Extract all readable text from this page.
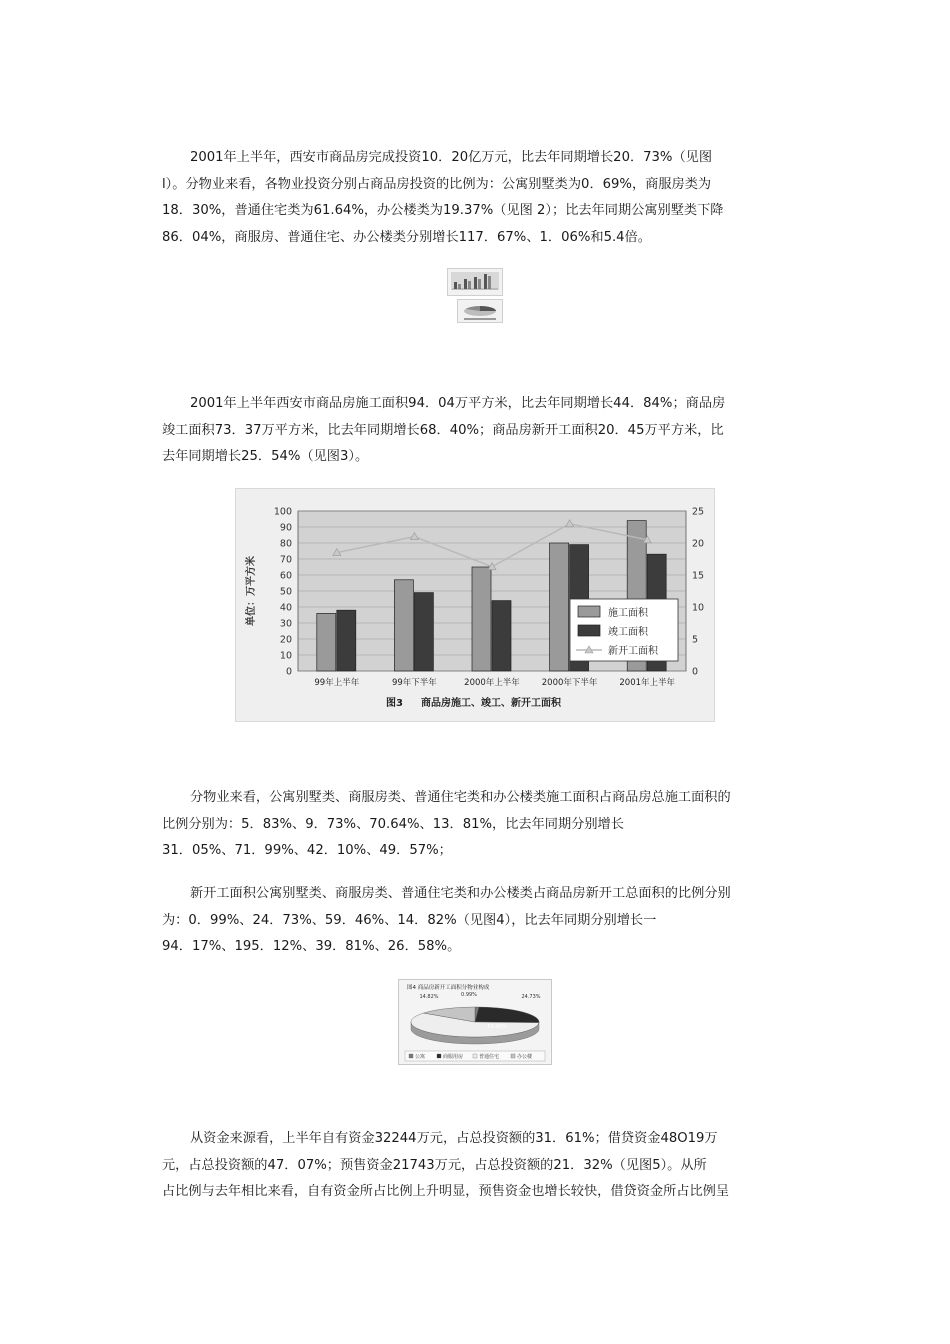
2001年上半年，西安市商品房完成投资10．20亿万元，比去年同期增长20．73%（见图
l）。分物业来看，各物业投资分别占商品房投资的比例为：公寓别墅类为0．69%，商服房类为
18．30%，普通住宅类为61.64%，办公楼类为19.37%（见图 2）；比去年同期公寓别墅类下降
86．04%，商服房、普通住宅、办公楼类分别增长117．67%、1．06%和5.4倍。

2001年上半年西安市商品房施工面积94．04万平方米，比去年同期增长44．84%；商品房
竣工面积73．37万平方米，比去年同期增长68．40%；商品房新开工面积20．45万平方米，比
去年同期增长25．54%（见图3）。

0
10
20
30
40
50
60
70
80
90
100
0
5
10
15
20
25
99年上半年	99年下半年	2000年上半年	2000年下半年	2001年上半年
单位：万平方米
图3 商品房施工、竣工、新开工面积
施工面积
竣工面积
新开工面积

分物业来看，公寓别墅类、商服房类、普通住宅类和办公楼类施工面积占商品房总施工面积的
比例分别为：5．83%、9．73%、70.64%、13．81%，比去年同期分别增长
31．05%、71．99%、42．10%、49．57%；

新开工面积公寓别墅类、商服房类、普通住宅类和办公楼类占商品房新开工总面积的比例分别
为：0．99%、24．73%、59．46%、14．82%（见图4），比去年同期分别增长一
94．17%、195．12%、39．81%、26．58%。

图4 商品房新开工面积分物业构成
0.99%	24.73%
59.46%
14.82%
公寓	商服用房	普通住宅	办公楼

从资金来源看，上半年自有资金32244万元，占总投资额的31．61%；借贷资金48O19万
元，占总投资额的47．07%；预售资金21743万元，占总投资额的21．32%（见图5）。从所
占比例与去年相比来看，自有资金所占比例上升明显，预售资金也增长较快，借贷资金所占比例呈
